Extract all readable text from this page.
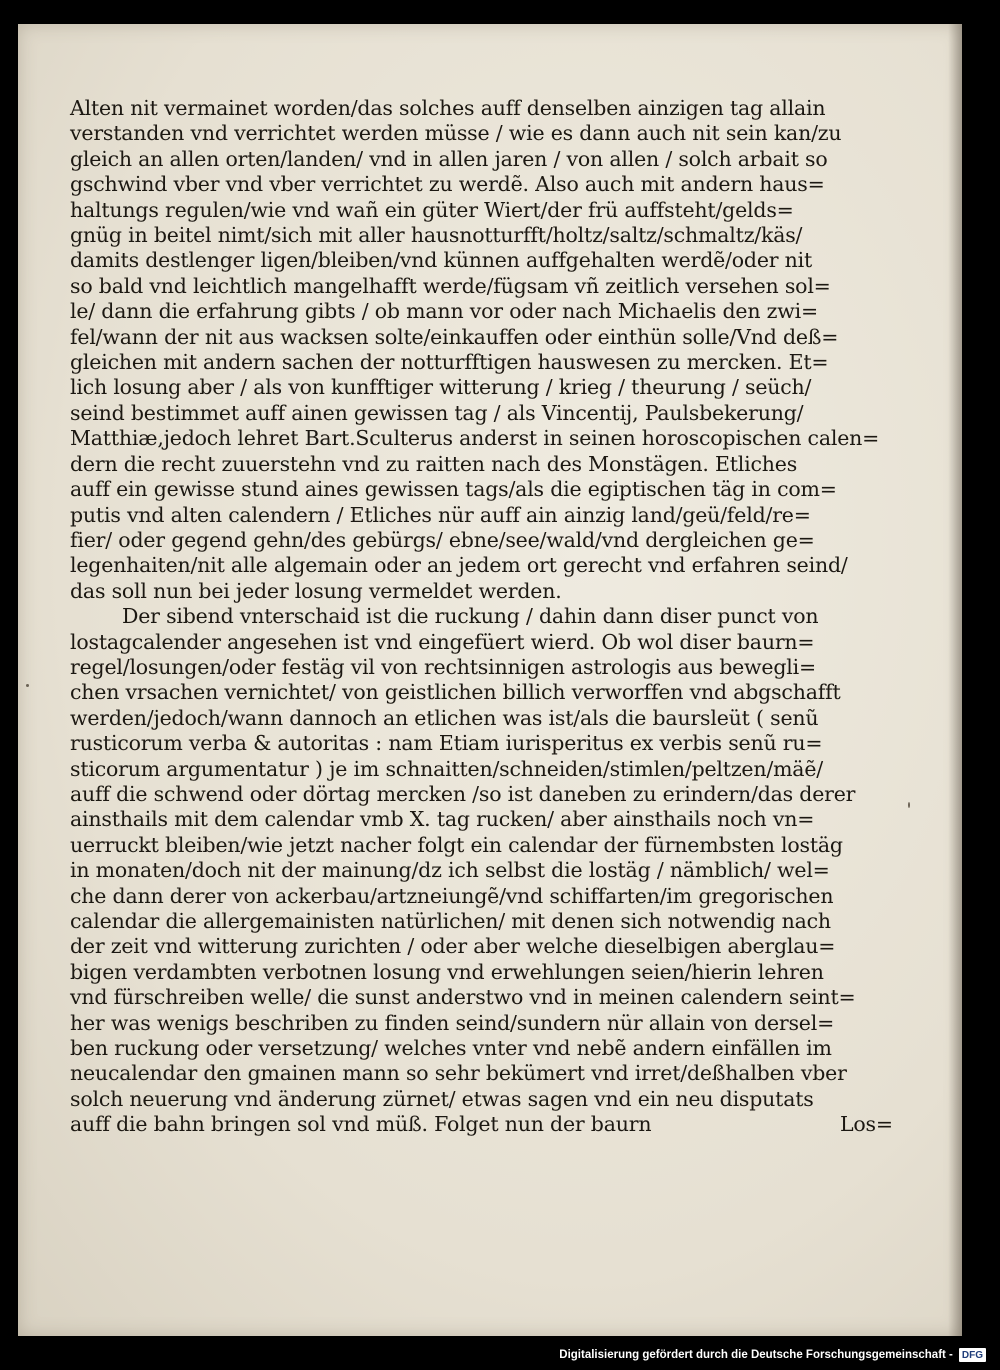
Alten nit vermainet worden/das solches auff denselben ainzigen tag allain
verstanden vnd verrichtet werden müsse / wie es dann auch nit sein kan/zu
gleich an allen orten/landen/ vnd in allen jaren / von allen / solch arbait so
gschwind vber vnd vber verrichtet zu werdẽ. Also auch mit andern haus=
haltungs regulen/wie vnd wañ ein güter Wiert/der frü auffsteht/gelds=
gnüg in beitel nimt/sich mit aller hausnotturfft/holtz/saltz/schmaltz/käs/
damits destlenger ligen/bleiben/vnd künnen auffgehalten werdẽ/oder nit
so bald vnd leichtlich mangelhafft werde/fügsam vñ zeitlich versehen sol=
le/ dann die erfahrung gibts / ob mann vor oder nach Michaelis den zwi=
fel/wann der nit aus wacksen solte/einkauffen oder einthün solle/Vnd deß=
gleichen mit andern sachen der notturfftigen hauswesen zu mercken. Et=
lich losung aber / als von kunfftiger witterung / krieg / theurung / seüch/
seind bestimmet auff ainen gewissen tag / als Vincentij, Paulsbekerung/
Matthiæ,jedoch lehret Bart.Sculterus anderst in seinen horoscopischen calen=
dern die recht zuuerstehn vnd zu raitten nach des Monstägen. Etliches
auff ein gewisse stund aines gewissen tags/als die egiptischen täg in com=
putis vnd alten calendern / Etliches nür auff ain ainzig land/geü/feld/re=
fier/ oder gegend gehn/des gebürgs/ ebne/see/wald/vnd dergleichen ge=
legenhaiten/nit alle algemain oder an jedem ort gerecht vnd erfahren seind/
das soll nun bei jeder losung vermeldet werden.
Der sibend vnterschaid ist die ruckung / dahin dann diser punct von
lostagcalender angesehen ist vnd eingefüert wierd. Ob wol diser baurn=
regel/losungen/oder festäg vil von rechtsinnigen astrologis aus bewegli=
chen vrsachen vernichtet/ von geistlichen billich verworffen vnd abgschafft
werden/jedoch/wann dannoch an etlichen was ist/als die baursleüt ( senũ
rusticorum verba & autoritas : nam Etiam iurisperitus ex verbis senũ ru=
sticorum argumentatur ) je im schnaitten/schneiden/stimlen/peltzen/mäẽ/
auff die schwend oder dörtag mercken /so ist daneben zu erindern/das derer
ainsthails mit dem calendar vmb X. tag rucken/ aber ainsthails noch vn=
uerruckt bleiben/wie jetzt nacher folgt ein calendar der fürnembsten lostäg
in monaten/doch nit der mainung/dz ich selbst die lostäg / nämblich/ wel=
che dann derer von ackerbau/artzneiungẽ/vnd schiffarten/im gregorischen
calendar die allergemainisten natürlichen/ mit denen sich notwendig nach
der zeit vnd witterung zurichten / oder aber welche dieselbigen aberglau=
bigen verdambten verbotnen losung vnd erwehlungen seien/hierin lehren
vnd fürschreiben welle/ die sunst anderstwo vnd in meinen calendern seint=
her was wenigs beschriben zu finden seind/sundern nür allain von dersel=
ben ruckung oder versetzung/ welches vnter vnd nebẽ andern einfällen im
neucalendar den gmainen mann so sehr bekümert vnd irret/deßhalben vber
solch neuerung vnd änderung zürnet/ etwas sagen vnd ein neu disputats
auff die bahn bringen sol vnd müß. Folget nun der baurn	Los=
Digitalisierung gefördert durch die Deutsche Forschungsgemeinschaft - DFG
